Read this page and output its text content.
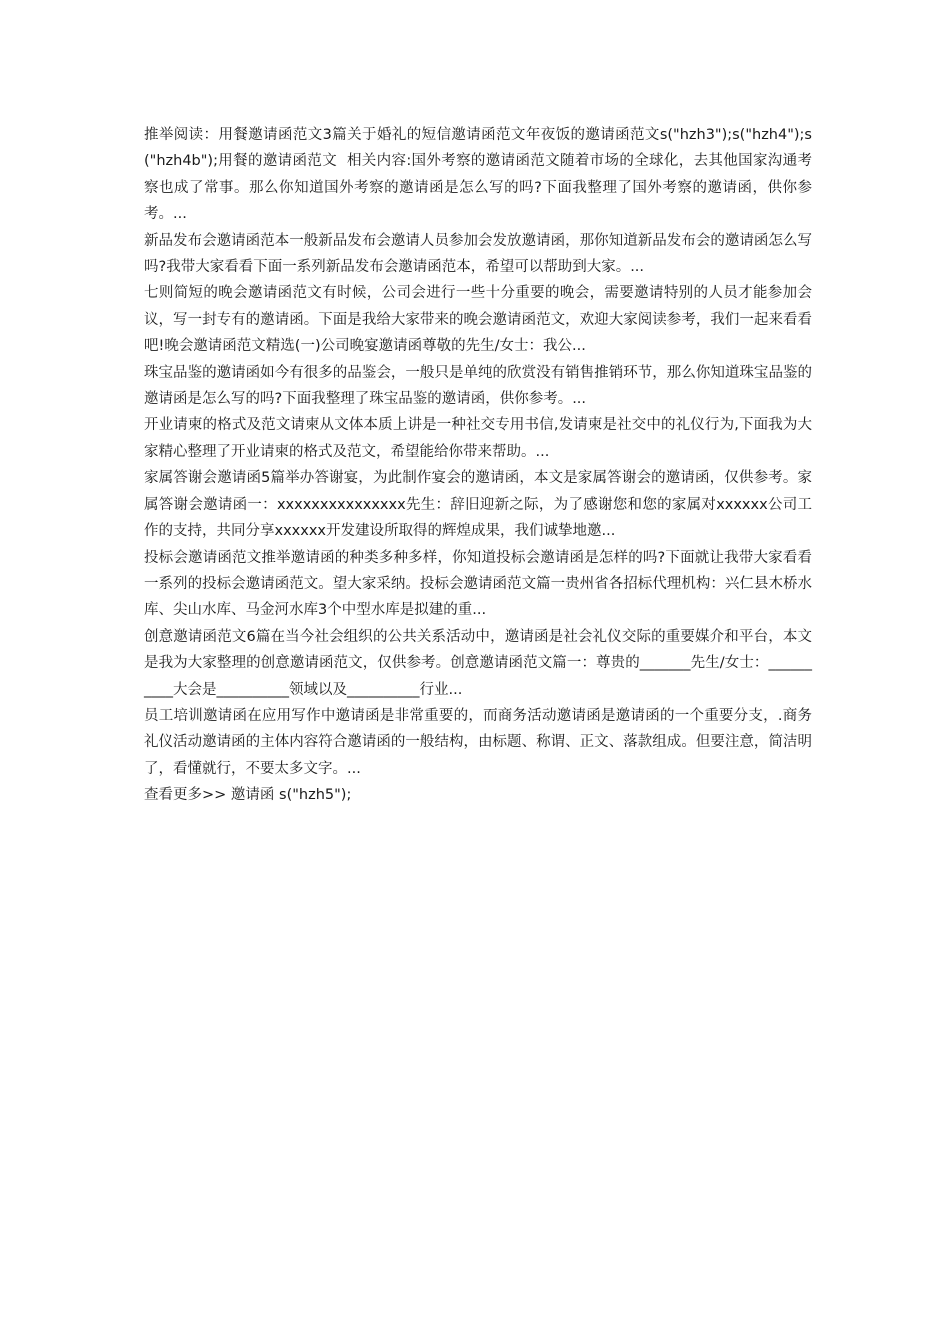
推举阅读：用餐邀请函范文3篇关于婚礼的短信邀请函范文年夜饭的邀请函范文s("hzh3");s("hzh4");s("hzh4b");用餐的邀请函范文  相关内容:国外考察的邀请函范文随着市场的全球化，去其他国家沟通考察也成了常事。那么你知道国外考察的邀请函是怎么写的吗?下面我整理了国外考察的邀请函，供你参考。...

新品发布会邀请函范本一般新品发布会邀请人员参加会发放邀请函，那你知道新品发布会的邀请函怎么写吗?我带大家看看下面一系列新品发布会邀请函范本，希望可以帮助到大家。...

七则简短的晚会邀请函范文有时候，公司会进行一些十分重要的晚会，需要邀请特别的人员才能参加会议，写一封专有的邀请函。下面是我给大家带来的晚会邀请函范文，欢迎大家阅读参考，我们一起来看看吧!晚会邀请函范文精选(一)公司晚宴邀请函尊敬的先生/女士：我公...

珠宝品鉴的邀请函如今有很多的品鉴会，一般只是单纯的欣赏没有销售推销环节，那么你知道珠宝品鉴的邀请函是怎么写的吗?下面我整理了珠宝品鉴的邀请函，供你参考。...

开业请柬的格式及范文请柬从文体本质上讲是一种社交专用书信,发请柬是社交中的礼仪行为,下面我为大家精心整理了开业请柬的格式及范文，希望能给你带来帮助。...

家属答谢会邀请函5篇举办答谢宴，为此制作宴会的邀请函，本文是家属答谢会的邀请函，仅供参考。家属答谢会邀请函一：xxxxxxxxxxxxxxx先生：辞旧迎新之际，为了感谢您和您的家属对xxxxxx公司工作的支持，共同分享xxxxxx开发建设所取得的辉煌成果，我们诚挚地邀...

投标会邀请函范文推举邀请函的种类多种多样，你知道投标会邀请函是怎样的吗?下面就让我带大家看看一系列的投标会邀请函范文。望大家采纳。投标会邀请函范文篇一贵州省各招标代理机构：兴仁县木桥水库、尖山水库、马金河水库3个中型水库是拟建的重...

创意邀请函范文6篇在当今社会组织的公共关系活动中，邀请函是社会礼仪交际的重要媒介和平台，本文是我为大家整理的创意邀请函范文，仅供参考。创意邀请函范文篇一：尊贵的_______先生/女士：__________大会是__________领域以及__________行业...

员工培训邀请函在应用写作中邀请函是非常重要的，而商务活动邀请函是邀请函的一个重要分支，.商务礼仪活动邀请函的主体内容符合邀请函的一般结构，由标题、称谓、正文、落款组成。但要注意，简洁明了，看懂就行，不要太多文字。...

查看更多>> 邀请函 s("hzh5");
